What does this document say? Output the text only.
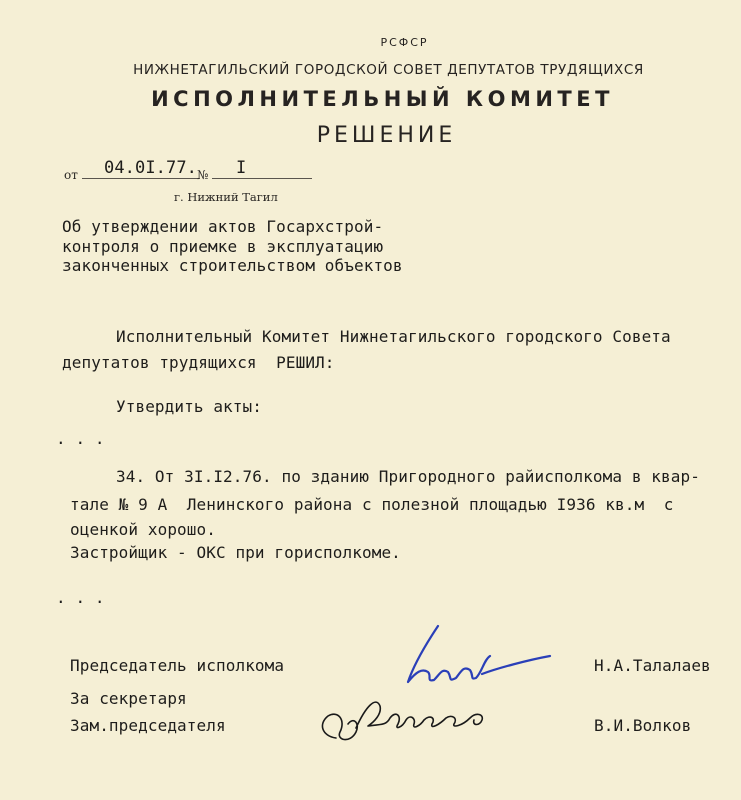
РСФСР
НИЖНЕТАГИЛЬСКИЙ ГОРОДСКОЙ СОВЕТ ДЕПУТАТОВ ТРУДЯЩИХСЯ
ИСПОЛНИТЕЛЬНЫЙ КОМИТЕТ
РЕШЕНИЕ
от 04.0I.77. № I
г. Нижний Тагил
Об утверждении актов Госархстрой-
контроля о приемке в эксплуатацию
законченных строительством объектов
Исполнительный Комитет Нижнетагильского городского Совета
депутатов трудящихся  РЕШИЛ:
Утвердить акты:
. . .
34. От 3I.I2.76. по зданию Пригородного райисполкома в квар-
тале № 9 А  Ленинского района с полезной площадью I936 кв.м  с
оценкой хорошо.
Застройщик - ОКС при горисполкоме.
. . .
Председатель исполкома	Н.А.Талалаев
За секретаря
Зам.председателя	В.И.Волков
